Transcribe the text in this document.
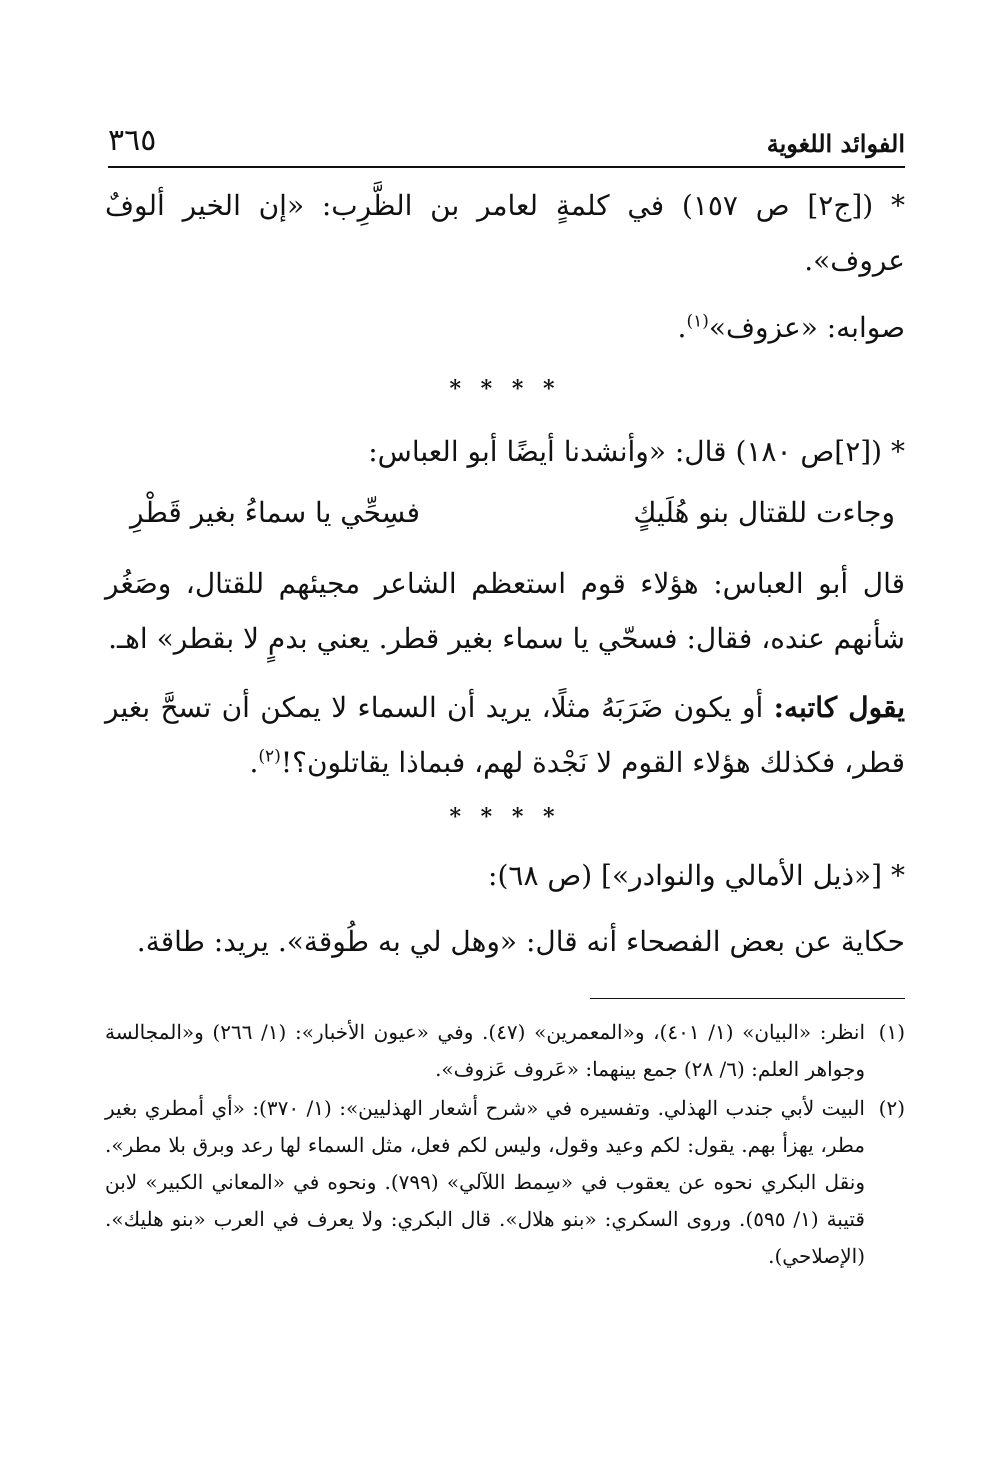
الفوائد اللغوية
٣٦٥

* ([ج٢] ص ١٥٧) في كلمةٍ لعامر بن الظَّرِب: «إن الخير ألوفٌ عروف».

صوابه: «عزوف»$^{(١)}$.

* * * *

* ([٢]ص ١٨٠) قال: «وأنشدنا أيضًا أبو العباس:

وجاءت للقتال بنو هُلَيكٍ
فسِحِّي يا سماءُ بغير قَطْرِ

قال أبو العباس: هؤلاء قوم استعظم الشاعر مجيئهم للقتال، وصَغُر شأنهم عنده، فقال: فسحّي يا سماء بغير قطر. يعني بدمٍ لا بقطر» اهـ.

يقول كاتبه: أو يكون ضَرَبَهُ مثلًا، يريد أن السماء لا يمكن أن تسحَّ بغير قطر، فكذلك هؤلاء القوم لا نَجْدة لهم، فبماذا يقاتلون؟!$^{(٢)}$.

* * * *

* [«ذيل الأمالي والنوادر»] (ص ٦٨):

حكاية عن بعض الفصحاء أنه قال: «وهل لي به طُوقة». يريد: طاقة.

(١)
انظر: «البيان» (١/ ٤٠١)، و«المعمرين» (٤٧). وفي «عيون الأخبار»: (١/ ٢٦٦) و«المجالسة وجواهر العلم: (٦/ ٢٨) جمع بينهما: «عَروف عَزوف».
(٢)
البيت لأبي جندب الهذلي. وتفسيره في «شرح أشعار الهذليين»: (١/ ٣٧٠): «أي أمطري بغير مطر، يهزأ بهم. يقول: لكم وعيد وقول، وليس لكم فعل، مثل السماء لها رعد وبرق بلا مطر». ونقل البكري نحوه عن يعقوب في «سِمط اللآلي» (٧٩٩). ونحوه في «المعاني الكبير» لابن قتيبة (١/ ٥٩٥). وروى السكري: «بنو هلال». قال البكري: ولا يعرف في العرب «بنو هليك». (الإصلاحي).
